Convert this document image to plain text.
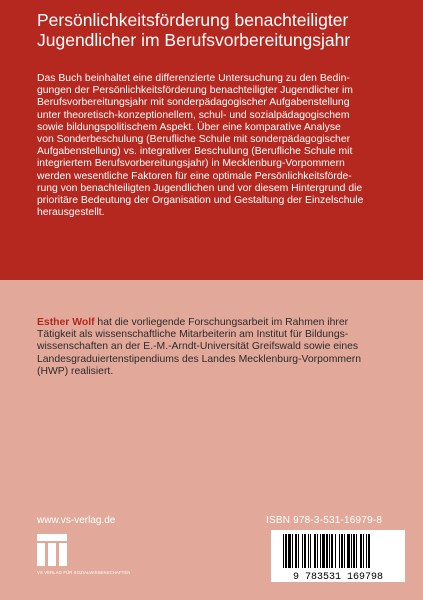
Persönlichkeitsförderung benachteiligter
Jugendlicher im Berufsvorbereitungsjahr
Das Buch beinhaltet eine differenzierte Untersuchung zu den Bedin-
gungen der Persönlichkeitsförderung benachteiligter Jugendlicher im
Berufsvorbereitungsjahr mit sonderpädagogischer Aufgabenstellung
unter theoretisch-konzeptionellem, schul- und sozialpädagogischem
sowie bildungspolitischem Aspekt. Über eine komparative Analyse
von Sonderbeschulung (Berufliche Schule mit sonderpädagogischer
Aufgabenstellung) vs. integrativer Beschulung (Berufliche Schule mit
integriertem Berufsvorbereitungsjahr) in Mecklenburg-Vorpommern
werden wesentliche Faktoren für eine optimale Persönlichkeitsförde-
rung von benachteiligten Jugendlichen und vor diesem Hintergrund die
prioritäre Bedeutung der Organisation und Gestaltung der Einzelschule
herausgestellt.
Esther Wolf hat die vorliegende Forschungsarbeit im Rahmen ihrer
Tätigkeit als wissenschaftliche Mitarbeiterin am Institut für Bildungs-
wissenschaften an der E.-M.-Arndt-Universität Greifswald sowie eines
Landesgraduiertenstipendiums des Landes Mecklenburg-Vorpommern
(HWP) realisiert.
www.vs-verlag.de	ISBN 978-3-531-16979-8
VS VERLAG FÜR SOZIALWISSENSCHAFTEN	9 783531 169798
